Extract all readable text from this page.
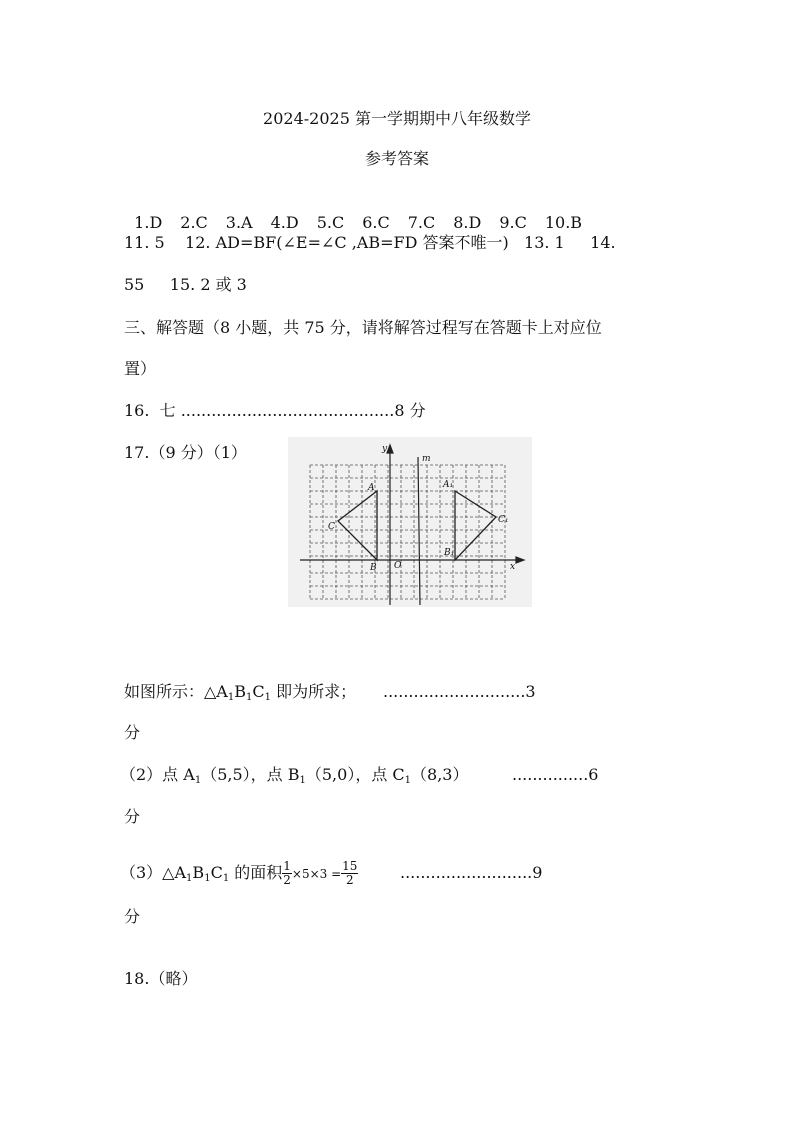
2024-2025 第一学期期中八年级数学
参考答案

1.D 2.C 3.A 4.D 5.C 6.C 7.C 8.D 9.C 10.B

11. 5    12. AD=BF(∠E=∠C ,AB=FD 答案不唯一)   13. 1     14.
55     15. 2 或 3
三、解答题（8 小题，共 75 分，请将解答过程写在答题卡上对应位
置）
16.  七 ..........................................8 分
17.（9 分）（1）	y
x
m
O
A
B
C
A₁
B₁
C₁
如图所示：$\triangle A_1B_1C_1$ 即为所求； ............................3
分
（2）点 $A_1(5,5)$，点 $B_1(5,0)$，点 $C_1(8,3)$	...............6
分
$(3)\triangle A_1B_1C_1$ 的面积 $\frac{1}{2} \times 5\times 3 = \frac{15}{2}$	..........................9
分
18.（略）
